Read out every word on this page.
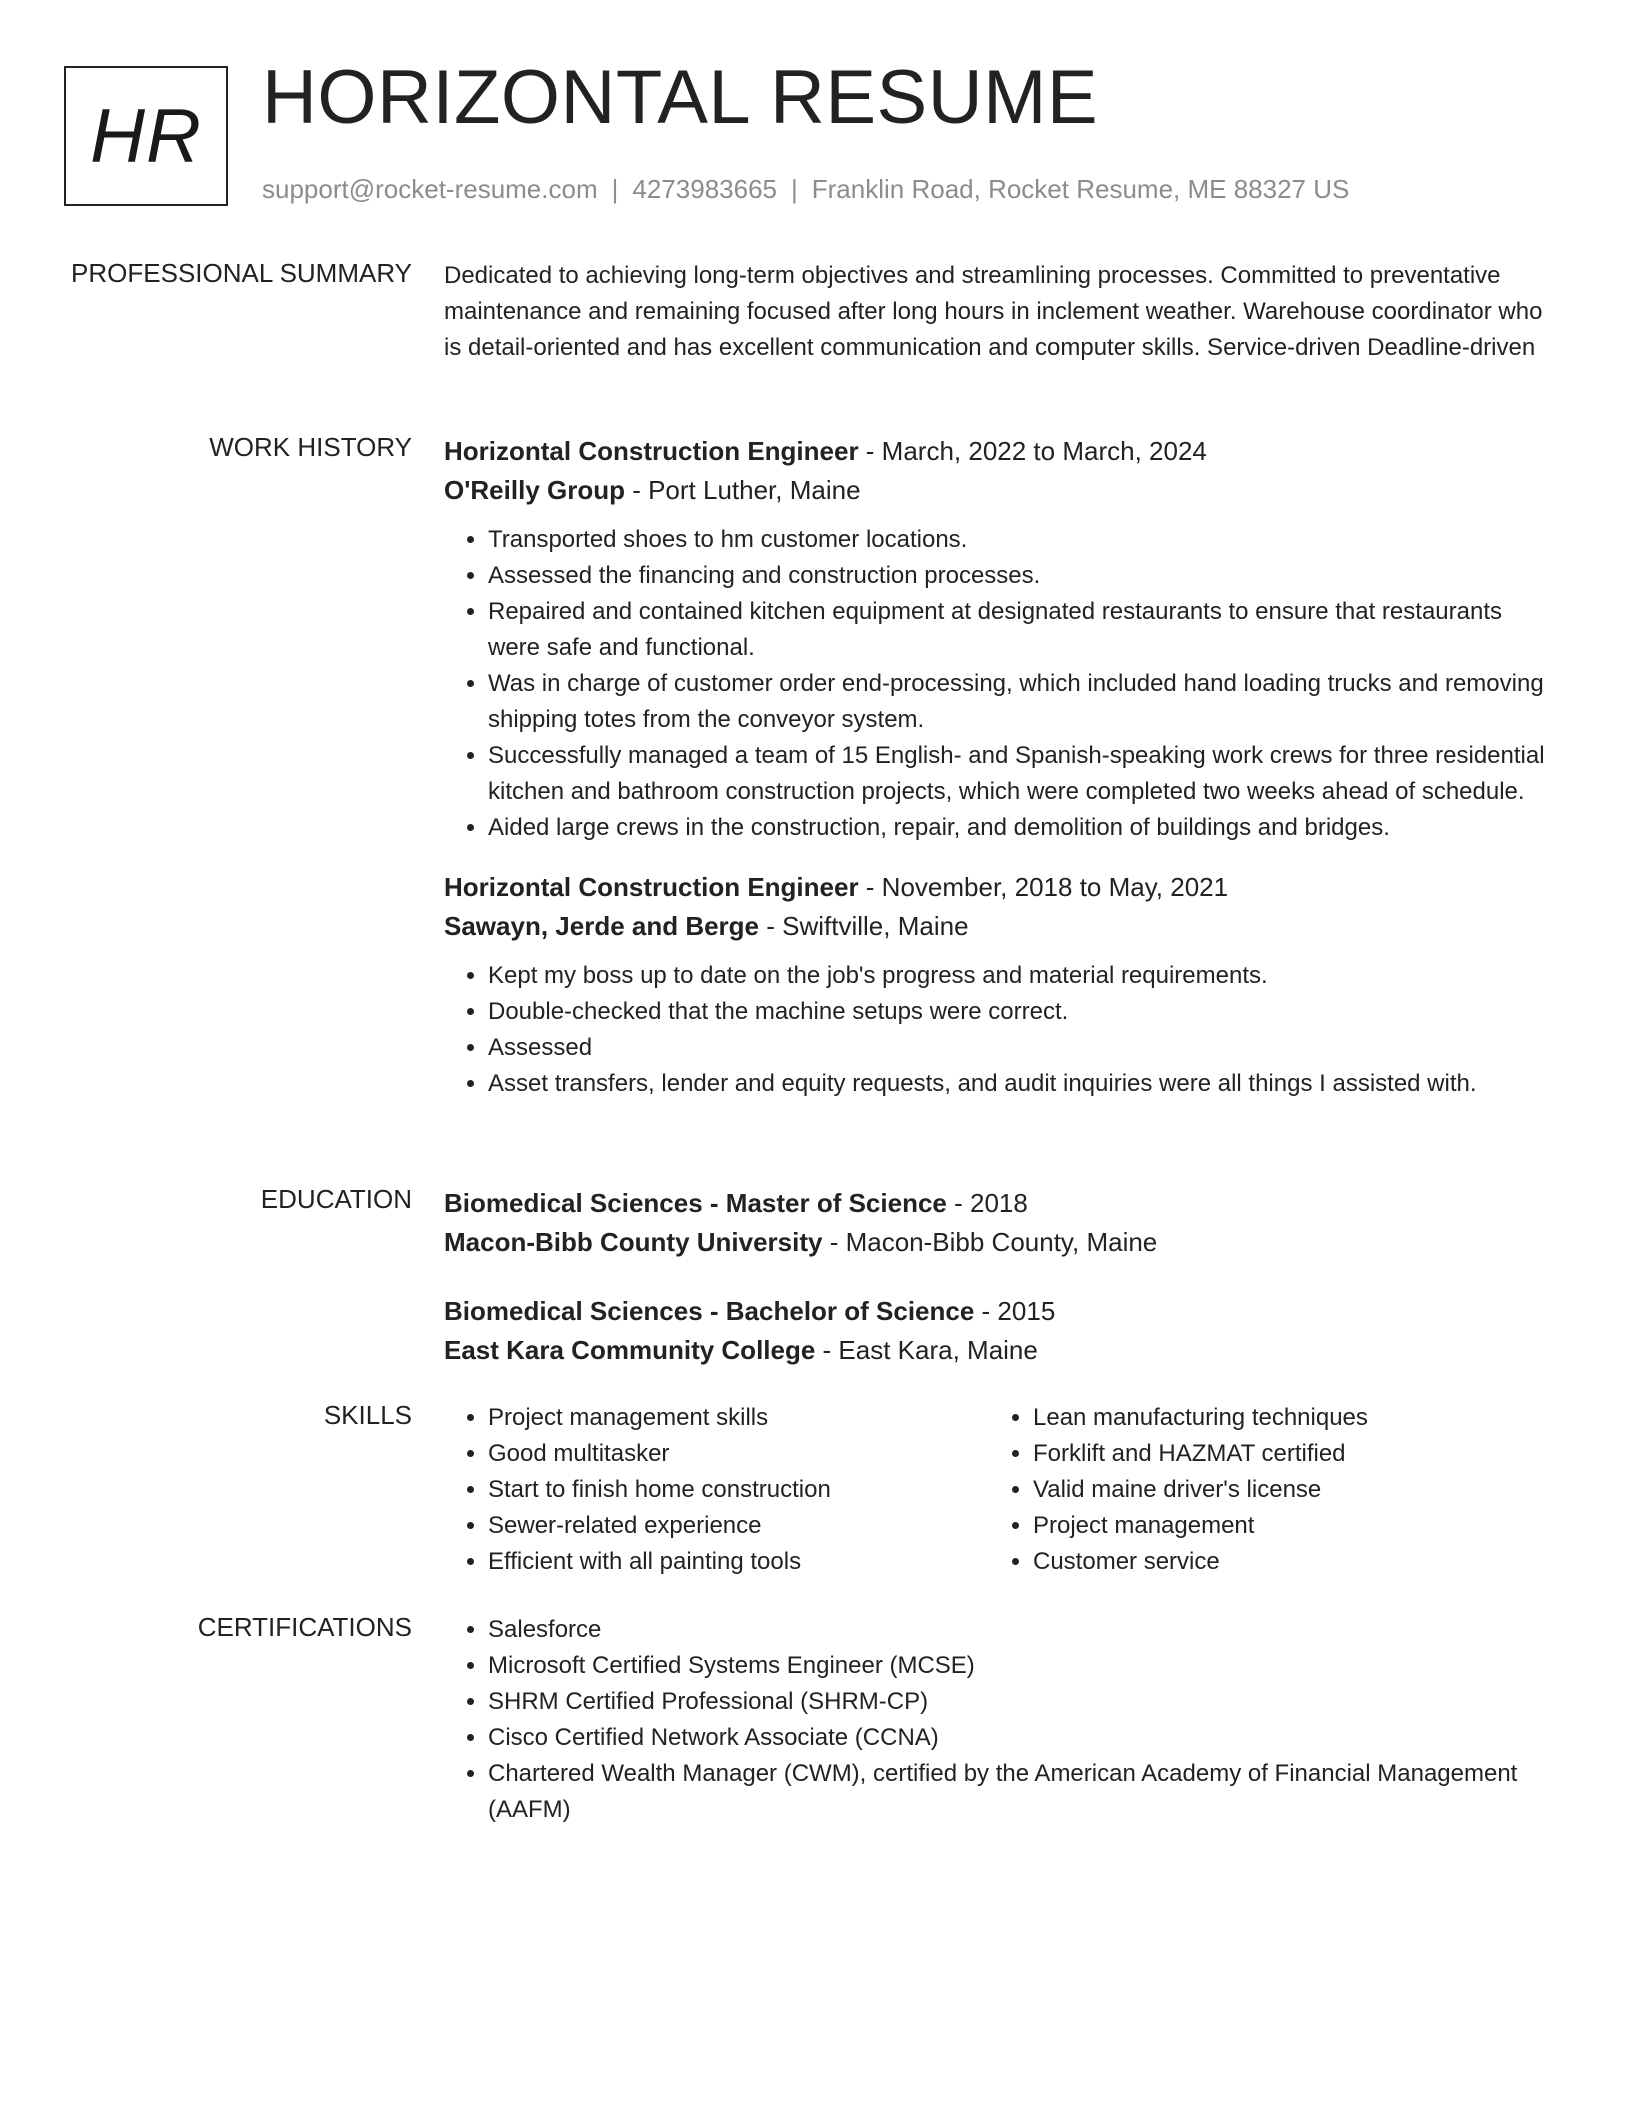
HR HORIZONTAL RESUME
support@rocket-resume.com | 4273983665 | Franklin Road, Rocket Resume, ME 88327 US
PROFESSIONAL SUMMARY Dedicated to achieving long-term objectives and streamlining processes. Committed to preventative maintenance and remaining focused after long hours in inclement weather. Warehouse coordinator who is detail-oriented and has excellent communication and computer skills. Service-driven Deadline-driven

WORK HISTORY Horizontal Construction Engineer - March, 2022 to March, 2024
O'Reilly Group - Port Luther, Maine
• Transported shoes to hm customer locations.
• Assessed the financing and construction processes.
• Repaired and contained kitchen equipment at designated restaurants to ensure that restaurants were safe and functional.
• Was in charge of customer order end-processing, which included hand loading trucks and removing shipping totes from the conveyor system.
• Successfully managed a team of 15 English- and Spanish-speaking work crews for three residential kitchen and bathroom construction projects, which were completed two weeks ahead of schedule.
• Aided large crews in the construction, repair, and demolition of buildings and bridges.
Horizontal Construction Engineer - November, 2018 to May, 2021
Sawayn, Jerde and Berge - Swiftville, Maine
• Kept my boss up to date on the job's progress and material requirements.
• Double-checked that the machine setups were correct.
• Assessed
• Asset transfers, lender and equity requests, and audit inquiries were all things I assisted with.
EDUCATION Biomedical Sciences - Master of Science - 2018
Macon-Bibb County University - Macon-Bibb County, Maine
Biomedical Sciences - Bachelor of Science - 2015
East Kara Community College - East Kara, Maine
SKILLS	• Project management skills
• Good multitasker
• Start to finish home construction
• Sewer-related experience
• Efficient with all painting tools
• Lean manufacturing techniques
• Forklift and HAZMAT certified
• Valid maine driver's license
• Project management
• Customer service
CERTIFICATIONS	• Salesforce
• Microsoft Certified Systems Engineer (MCSE)
• SHRM Certified Professional (SHRM-CP)
• Cisco Certified Network Associate (CCNA)
• Chartered Wealth Manager (CWM), certified by the American Academy of Financial Management (AAFM)
